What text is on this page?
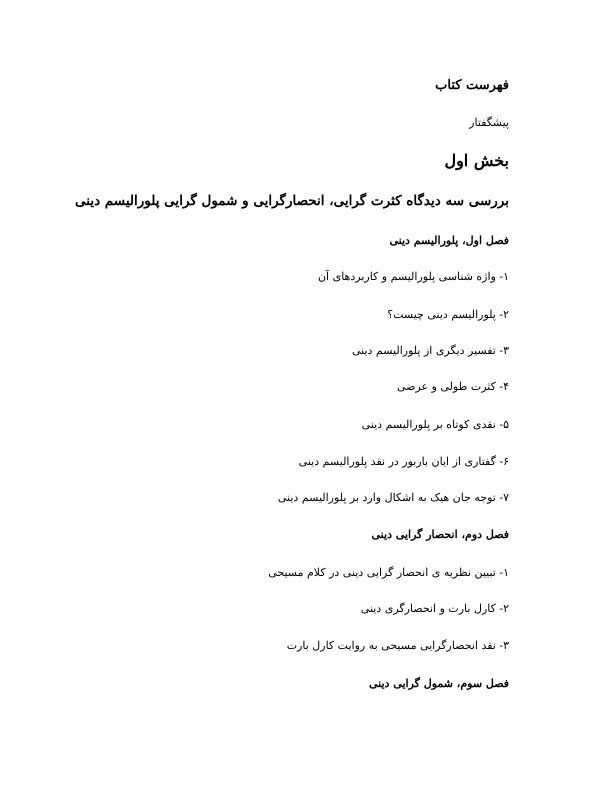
فهرست کتاب
پیشگفتار
بخش اول
بررسی سه دیدگاه کثرت گرایی، انحصارگرایی و شمول گرایی پلورالیسم دینی
فصل اول، پلورالیسم دینی
۱- واژه شناسی پلورالیسم و کاربردهای آن
۲- پلورالیسم دینی چیست؟
۳- تفسیر دیگری از پلورالیسم دینی
۴- کثرت طولی و عرضی
۵- نقدی کوتاه بر پلورالیسم دینی
۶- گفتاری از ایان باربور در نقد پلورالیسم دینی
۷- توجه جان هیک به اشکال وارد بر پلورالیسم دینی
فصل دوم، انحصار گرایی دینی
۱- تبیین نظریه ی انحصار گرایی دینی در کلام مسیحی
۲- کارل بارت و انحصارگری دینی
۳- نقد انحصارگرایی مسیحی به روایت کارل بارت
فصل سوم، شمول گرایی دینی
